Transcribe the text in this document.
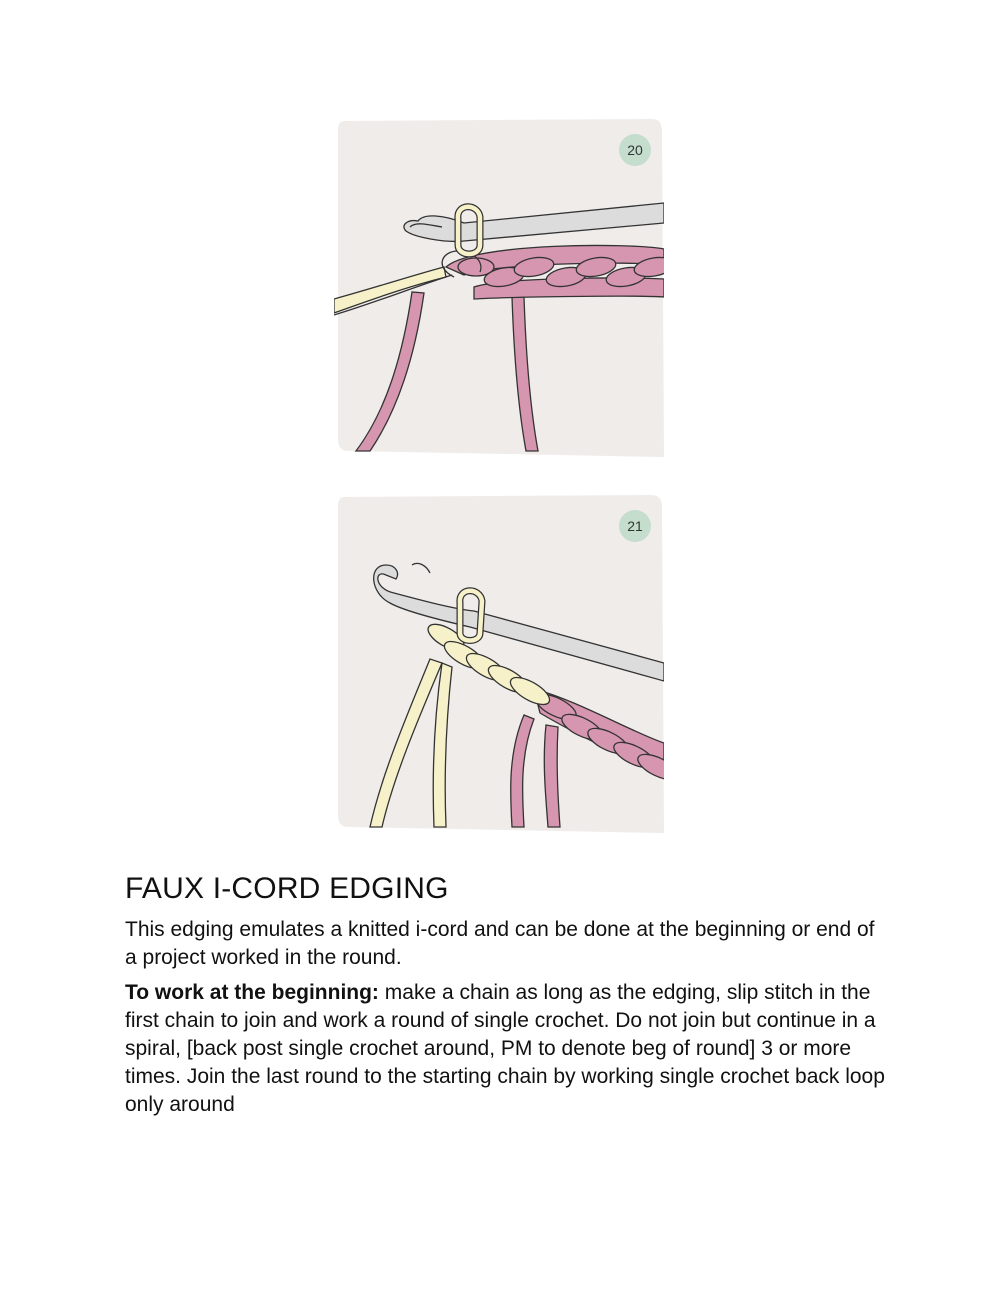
20
21
FAUX I-CORD EDGING

This edging emulates a knitted i-cord and can be done at the beginning or end of a project worked in the round.

To work at the beginning: make a chain as long as the edging, slip stitch in the first chain to join and work a round of single crochet. Do not join but continue in a spiral, [back post single crochet around, PM to denote beg of round] 3 or more times. Join the last round to the starting chain by working single crochet back loop only around
